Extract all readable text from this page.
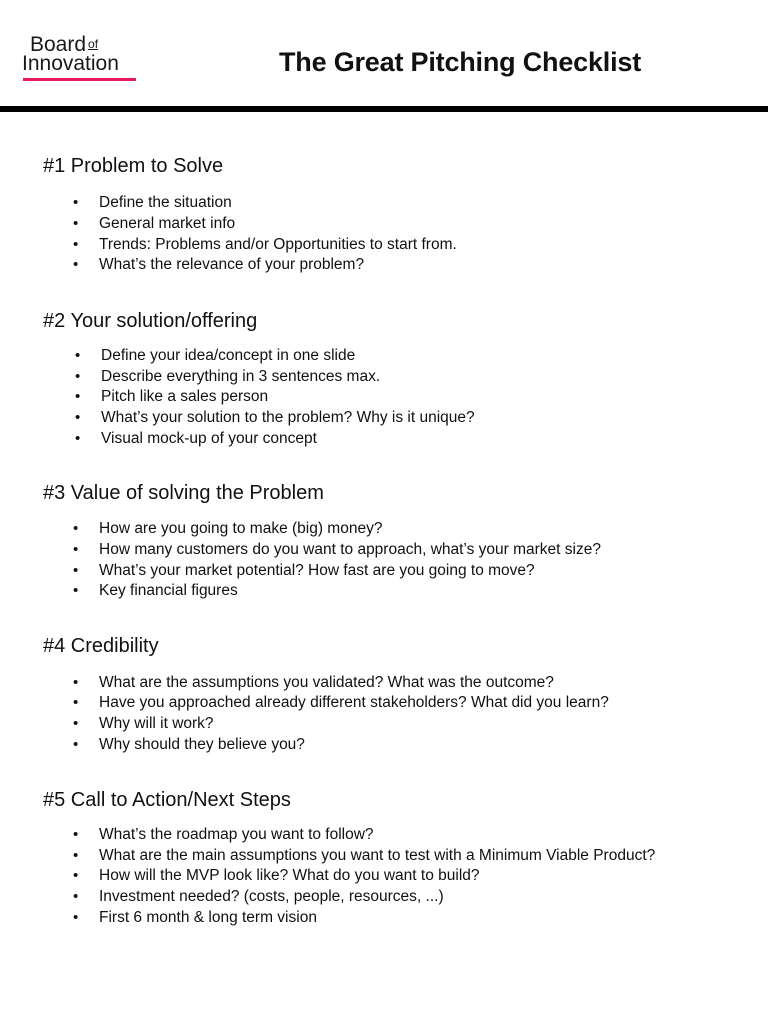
Board of
Innovation	The Great Pitching Checklist
#1 Problem to Solve
• Define the situation
• General market info
• Trends: Problems and/or Opportunities to start from.
• What’s the relevance of your problem?
#2 Your solution/offering
• Define your idea/concept in one slide
• Describe everything in 3 sentences max.
• Pitch like a sales person
• What’s your solution to the problem? Why is it unique?
• Visual mock-up of your concept
#3 Value of solving the Problem
• How are you going to make (big) money?
• How many customers do you want to approach, what’s your market size?
• What’s your market potential? How fast are you going to move?
• Key financial figures
#4 Credibility
• What are the assumptions you validated? What was the outcome?
• Have you approached already different stakeholders? What did you learn?
• Why will it work?
• Why should they believe you?
#5 Call to Action/Next Steps
• What’s the roadmap you want to follow?
• What are the main assumptions you want to test with a Minimum Viable Product?
• How will the MVP look like? What do you want to build?
• Investment needed? (costs, people, resources, ...)
• First 6 month & long term vision
